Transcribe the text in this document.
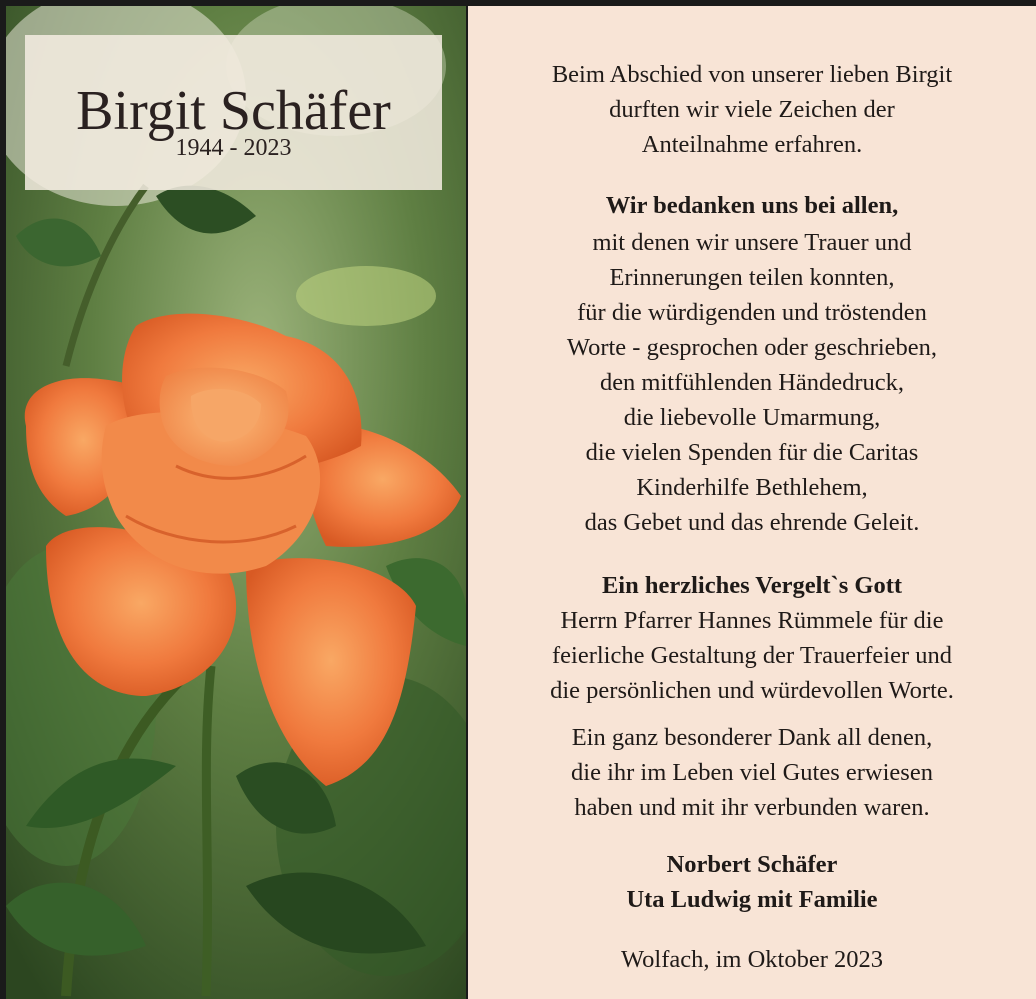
Birgit Schäfer
1944 - 2023
Beim Abschied von unserer lieben Birgit
durften wir viele Zeichen der
Anteilnahme erfahren.
Wir bedanken uns bei allen,
mit denen wir unsere Trauer und
Erinnerungen teilen konnten,
für die würdigenden und tröstenden
Worte - gesprochen oder geschrieben,
den mitfühlenden Händedruck,
die liebevolle Umarmung,
die vielen Spenden für die Caritas
Kinderhilfe Bethlehem,
das Gebet und das ehrende Geleit.
Ein herzliches Vergelt`s Gott
Herrn Pfarrer Hannes Rümmele für die
feierliche Gestaltung der Trauerfeier und
die persönlichen und würdevollen Worte.
Ein ganz besonderer Dank all denen,
die ihr im Leben viel Gutes erwiesen
haben und mit ihr verbunden waren.
Norbert Schäfer
Uta Ludwig mit Familie
Wolfach, im Oktober 2023
